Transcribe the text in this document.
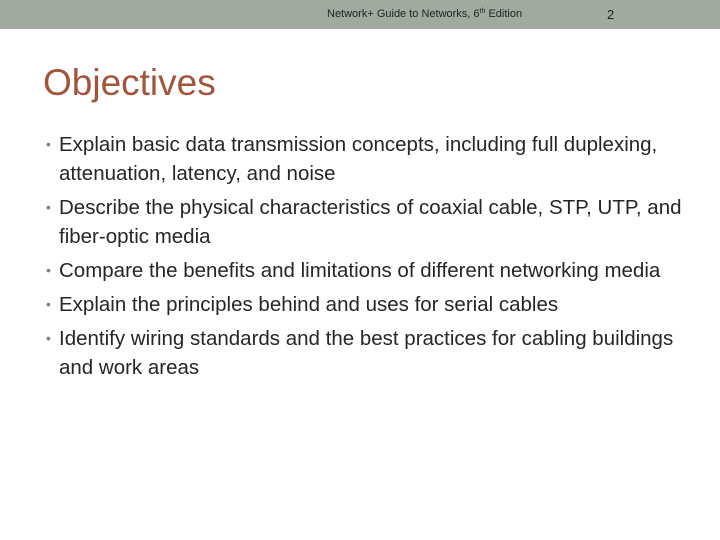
Network+ Guide to Networks, 6th Edition	2
Objectives
• Explain basic data transmission concepts, including full duplexing, attenuation, latency, and noise
• Describe the physical characteristics of coaxial cable, STP, UTP, and fiber-optic media
• Compare the benefits and limitations of different networking media
• Explain the principles behind and uses for serial cables
• Identify wiring standards and the best practices for cabling buildings and work areas
